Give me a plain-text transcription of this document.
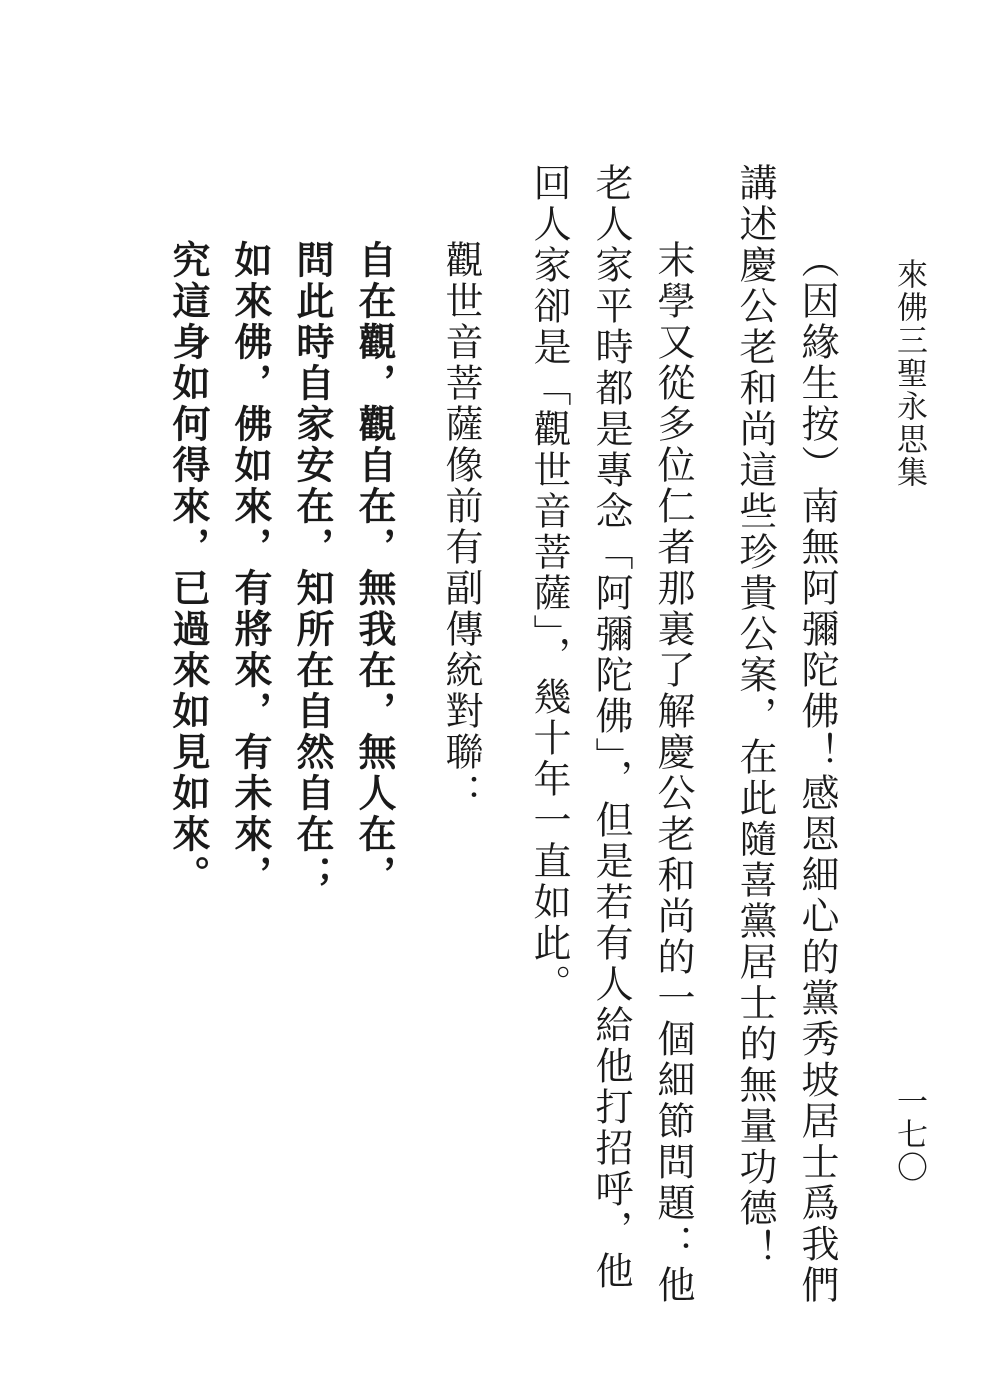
來佛三聖永思集
一七〇
（因緣生按）南無阿彌陀佛！感恩細心的黨秀坡居士爲我們
講述慶公老和尚這些珍貴公案，在此隨喜黨居士的無量功德！
末學又從多位仁者那裏了解慶公老和尚的一個細節問題：他
老人家平時都是專念「阿彌陀佛」，但是若有人給他打招呼，他
回人家卻是「觀世音菩薩」，幾十年一直如此。
觀世音菩薩像前有副傳統對聯：
自在觀，觀自在，無我在，無人在，
問此時自家安在，知所在自然自在；
如來佛，佛如來，有將來，有未來，
究這身如何得來，已過來如見如來。
